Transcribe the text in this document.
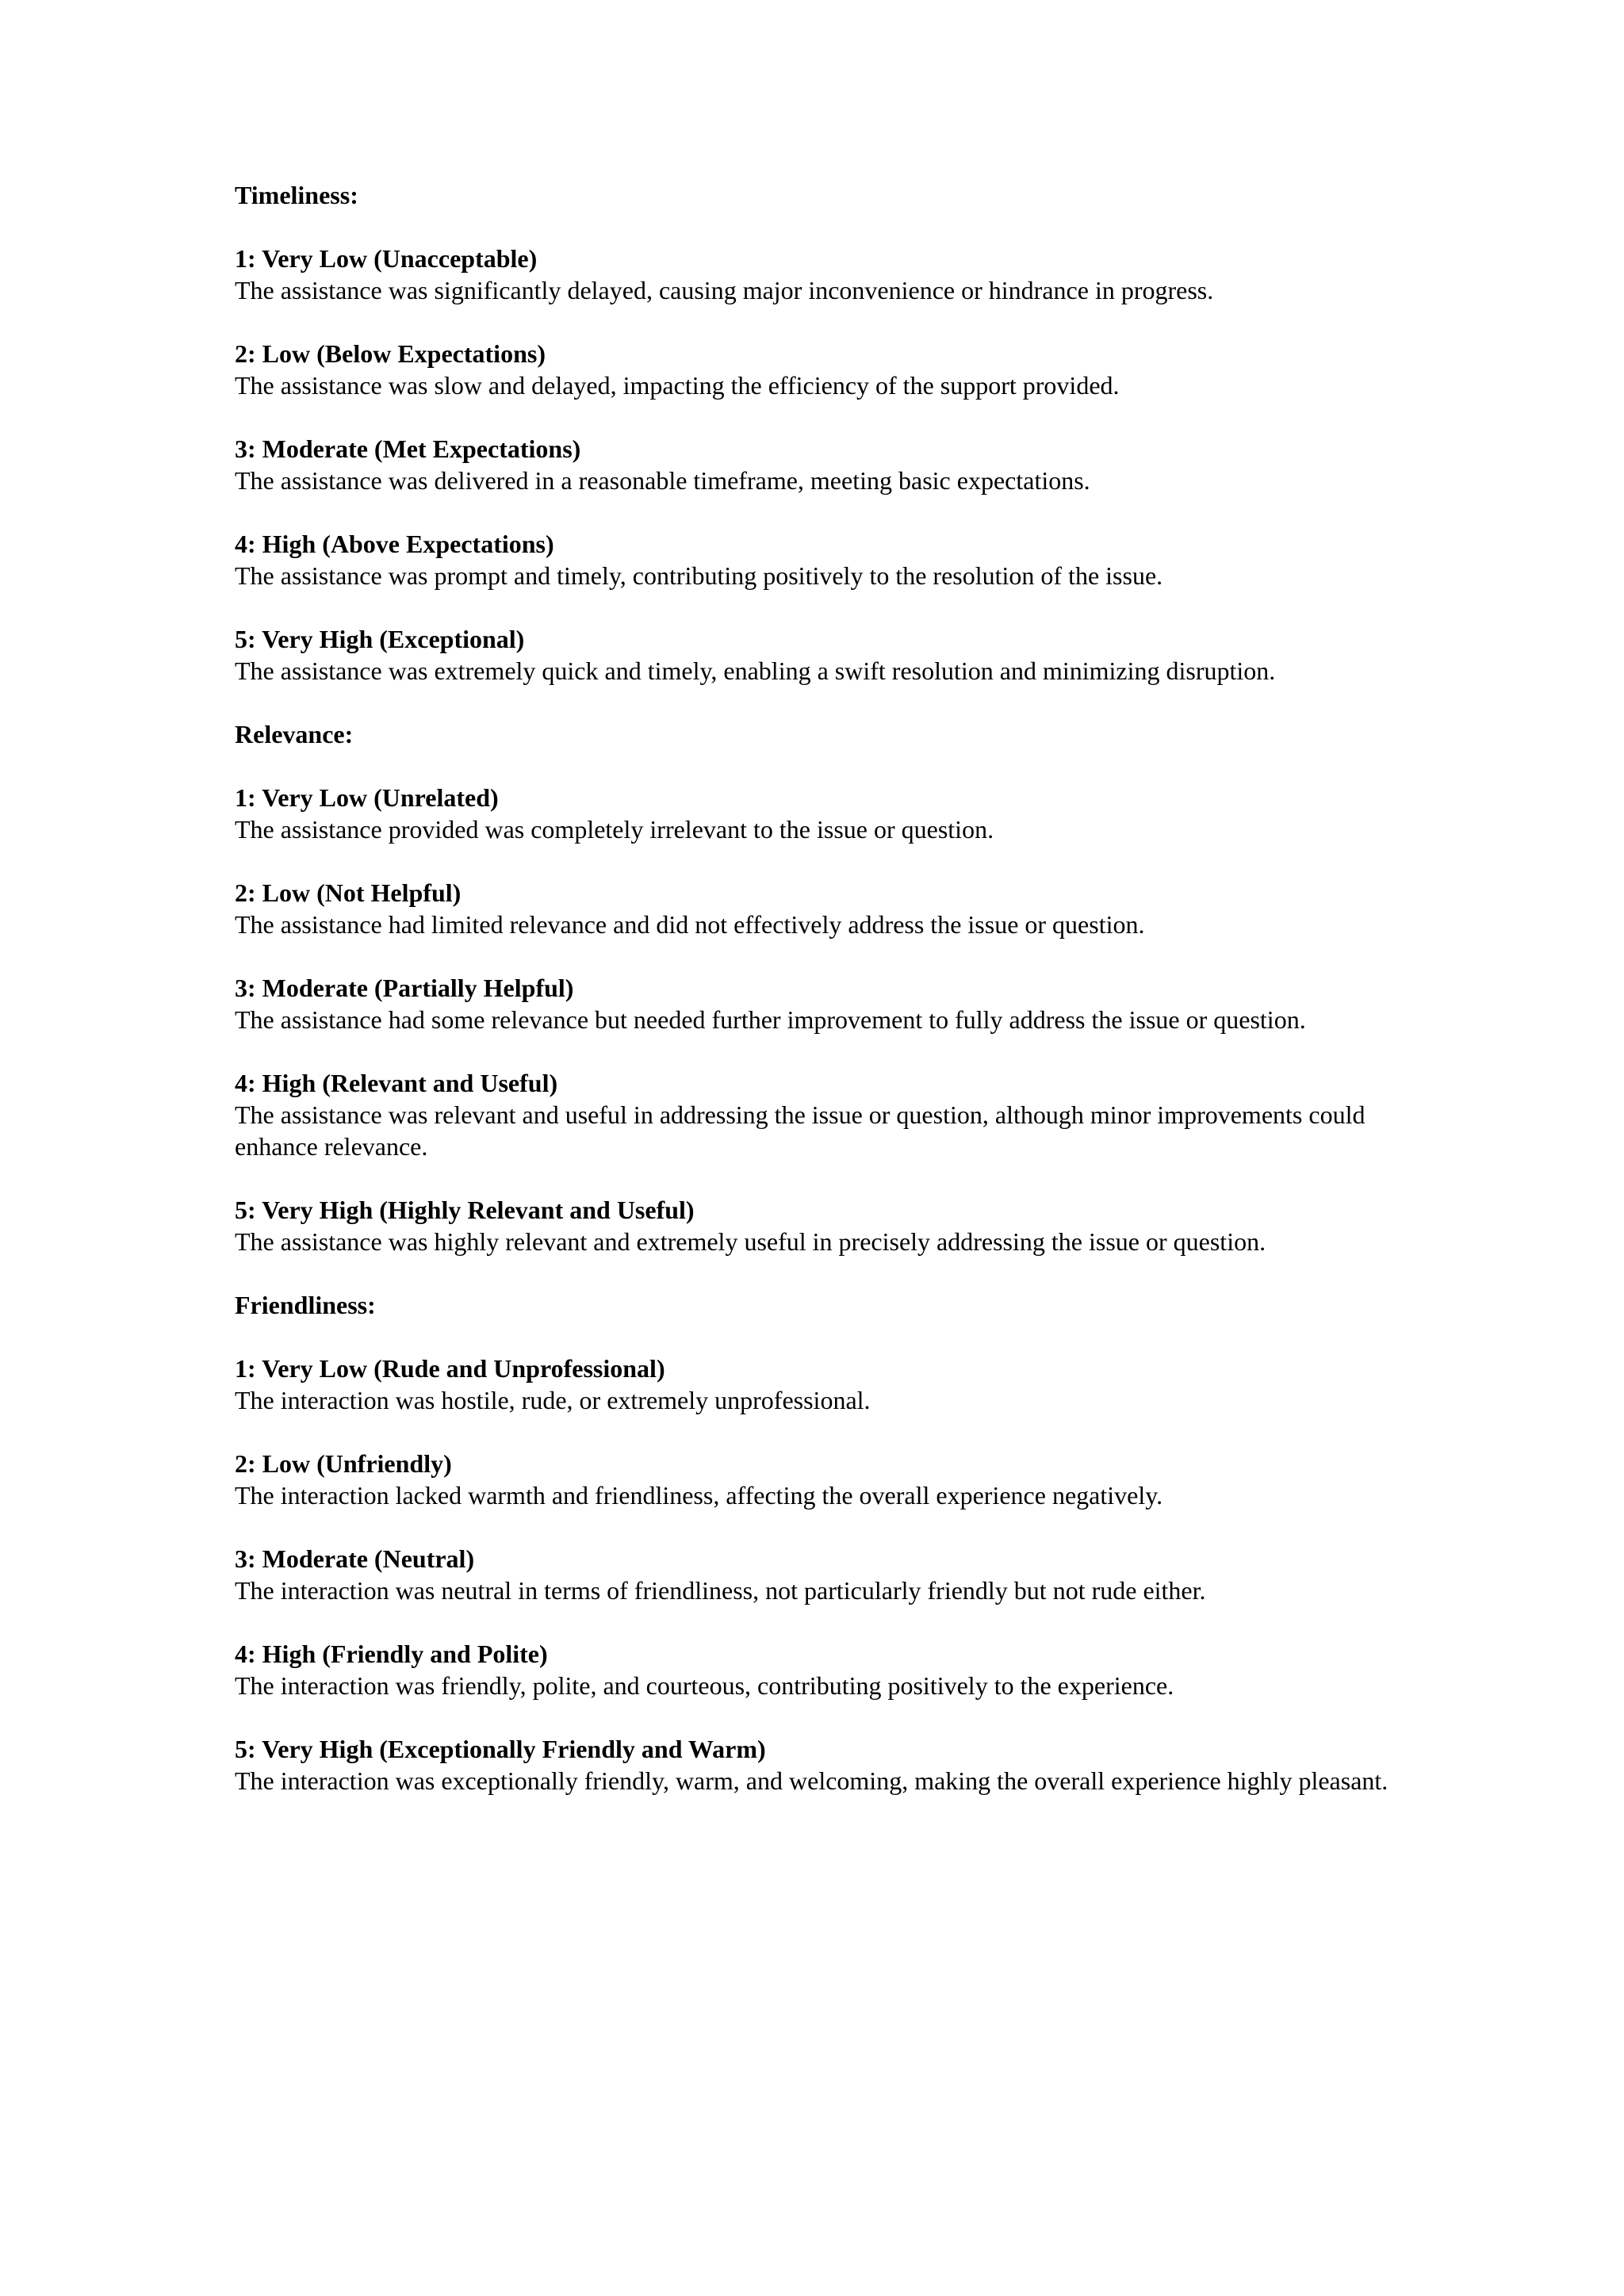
Timeliness:
1: Very Low (Unacceptable)
The assistance was significantly delayed, causing major inconvenience or hindrance in progress.
2: Low (Below Expectations)
The assistance was slow and delayed, impacting the efficiency of the support provided.
3: Moderate (Met Expectations)
The assistance was delivered in a reasonable timeframe, meeting basic expectations.
4: High (Above Expectations)
The assistance was prompt and timely, contributing positively to the resolution of the issue.
5: Very High (Exceptional)
The assistance was extremely quick and timely, enabling a swift resolution and minimizing disruption.
Relevance:
1: Very Low (Unrelated)
The assistance provided was completely irrelevant to the issue or question.
2: Low (Not Helpful)
The assistance had limited relevance and did not effectively address the issue or question.
3: Moderate (Partially Helpful)
The assistance had some relevance but needed further improvement to fully address the issue or question.
4: High (Relevant and Useful)
The assistance was relevant and useful in addressing the issue or question, although minor improvements could enhance relevance.
5: Very High (Highly Relevant and Useful)
The assistance was highly relevant and extremely useful in precisely addressing the issue or question.
Friendliness:
1: Very Low (Rude and Unprofessional)
The interaction was hostile, rude, or extremely unprofessional.
2: Low (Unfriendly)
The interaction lacked warmth and friendliness, affecting the overall experience negatively.
3: Moderate (Neutral)
The interaction was neutral in terms of friendliness, not particularly friendly but not rude either.
4: High (Friendly and Polite)
The interaction was friendly, polite, and courteous, contributing positively to the experience.
5: Very High (Exceptionally Friendly and Warm)
The interaction was exceptionally friendly, warm, and welcoming, making the overall experience highly pleasant.
